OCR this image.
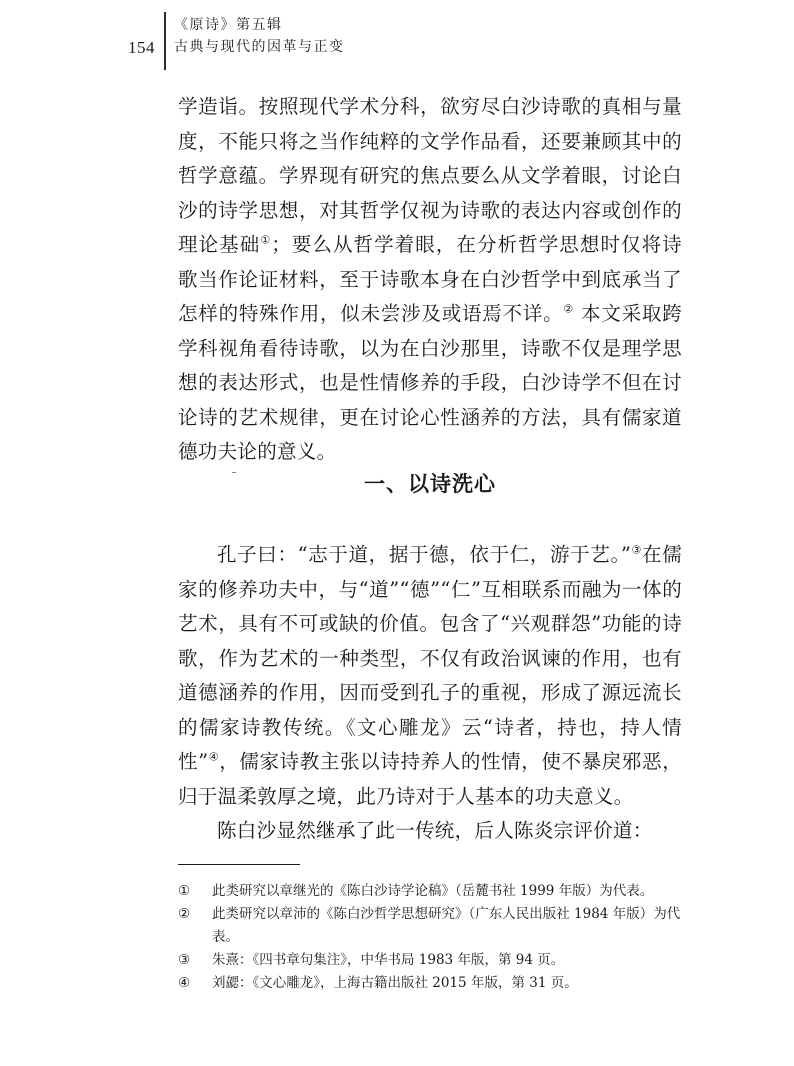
154
《原诗》第五辑
古典与现代的因革与正变

学造诣。按照现代学术分科，欲穷尽白沙诗歌的真相与量度，不能只将之当作纯粹的文学作品看，还要兼顾其中的哲学意蕴。学界现有研究的焦点要么从文学着眼，讨论白沙的诗学思想，对其哲学仅视为诗歌的表达内容或创作的理论基础①；要么从哲学着眼，在分析哲学思想时仅将诗歌当作论证材料，至于诗歌本身在白沙哲学中到底承当了怎样的特殊作用，似未尝涉及或语焉不详。② 本文采取跨学科视角看待诗歌，以为在白沙那里，诗歌不仅是理学思想的表达形式，也是性情修养的手段，白沙诗学不但在讨论诗的艺术规律，更在讨论心性涵养的方法，具有儒家道德功夫论的意义。

一、以诗洗心

孔子曰：“志于道，据于德，依于仁，游于艺。”③在儒家的修养功夫中，与“道”“德”“仁”互相联系而融为一体的艺术，具有不可或缺的价值。包含了“兴观群怨”功能的诗歌，作为艺术的一种类型，不仅有政治讽谏的作用，也有道德涵养的作用，因而受到孔子的重视，形成了源远流长的儒家诗教传统。《文心雕龙》云“诗者，持也，持人情性”④，儒家诗教主张以诗持养人的性情，使不暴戾邪恶，归于温柔敦厚之境，此乃诗对于人基本的功夫意义。

陈白沙显然继承了此一传统，后人陈炎宗评价道：

① 此类研究以章继光的《陈白沙诗学论稿》（岳麓书社 1999 年版）为代表。

② 此类研究以章沛的《陈白沙哲学思想研究》（广东人民出版社 1984 年版）为代表。

③ 朱熹：《四书章句集注》，中华书局 1983 年版，第 94 页。

④ 刘勰：《文心雕龙》，上海古籍出版社 2015 年版，第 31 页。
